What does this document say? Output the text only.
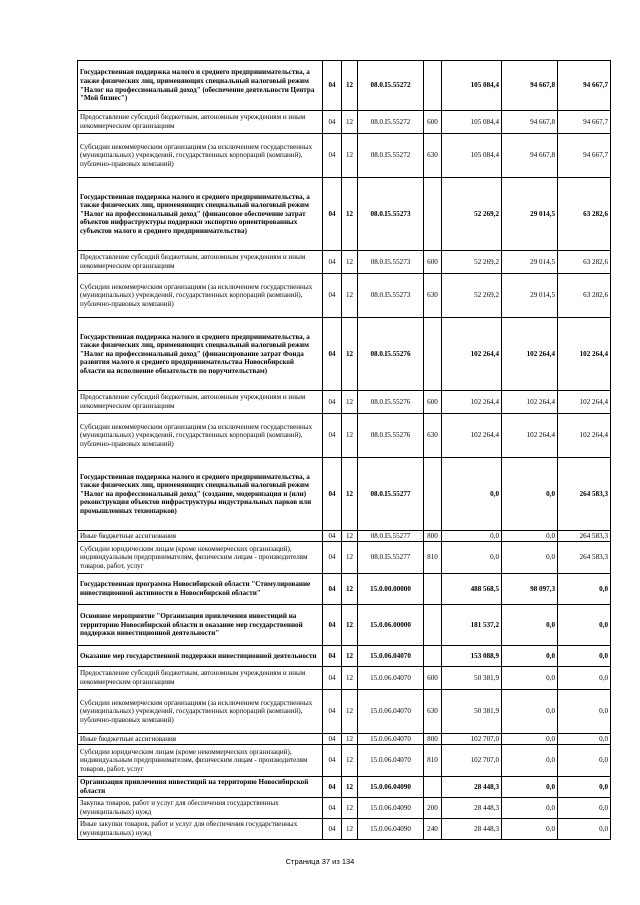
Государственная поддержка малого и среднего предпринимательства, а также физических лиц, применяющих специальный налоговый режим "Налог на профессиональный доход" (обеспечение деятельности Центра "Мой бизнес")	04	12	08.0.I5.55272		105 084,4	94 667,8	94 667,7
Предоставление субсидий бюджетным, автономным учреждениям и иным некоммерческим организациям	04	12	08.0.I5.55272	600	105 084,4	94 667,8	94 667,7
Субсидии некоммерческим организациям (за исключением государственных (муниципальных) учреждений, государственных корпораций (компаний), публично-правовых компаний)	04	12	08.0.I5.55272	630	105 084,4	94 667,8	94 667,7
Государственная поддержка малого и среднего предпринимательства, а также физических лиц, применяющих специальный налоговый режим "Налог на профессиональный доход" (финансовое обеспечение затрат объектов инфраструктуры поддержки экспортно ориентированных субъектов малого и среднего предпринимательства)	04	12	08.0.I5.55273		52 269,2	29 014,5	63 282,6
Предоставление субсидий бюджетным, автономным учреждениям и иным некоммерческим организациям	04	12	08.0.I5.55273	600	52 269,2	29 014,5	63 282,6
Субсидии некоммерческим организациям (за исключением государственных (муниципальных) учреждений, государственных корпораций (компаний), публично-правовых компаний)	04	12	08.0.I5.55273	630	52 269,2	29 014,5	63 282,6
Государственная поддержка малого и среднего предпринимательства, а также физических лиц, применяющих специальный налоговый режим "Налог на профессиональный доход" (финансирование затрат Фонда развития малого и среднего предпринимательства Новосибирской области на исполнение обязательств по поручительствам)	04	12	08.0.I5.55276		102 264,4	102 264,4	102 264,4
Предоставление субсидий бюджетным, автономным учреждениям и иным некоммерческим организациям	04	12	08.0.I5.55276	600	102 264,4	102 264,4	102 264,4
Субсидии некоммерческим организациям (за исключением государственных (муниципальных) учреждений, государственных корпораций (компаний), публично-правовых компаний)	04	12	08.0.I5.55276	630	102 264,4	102 264,4	102 264,4
Государственная поддержка малого и среднего предпринимательства, а также физических лиц, применяющих специальный налоговый режим "Налог на профессиональный доход" (создание, модернизация и (или) реконструкция объектов инфраструктуры индустриальных парков или промышленных технопарков)	04	12	08.0.I5.55277		0,0	0,0	264 583,3
Иные бюджетные ассигнования	04	12	08.0.I5.55277	800	0,0	0,0	264 583,3
Субсидии юридическим лицам (кроме некоммерческих организаций), индивидуальным предпринимателям, физическим лицам - производителям товаров, работ, услуг	04	12	08.0.I5.55277	810	0,0	0,0	264 583,3
Государственная программа Новосибирской области "Стимулирование инвестиционной активности в Новосибирской области"	04	12	15.0.00.00000		488 568,5	98 097,3	0,0
Основное мероприятие "Организация привлечения инвестиций на территорию Новосибирской области и оказание мер государственной поддержки инвестиционной деятельности"	04	12	15.0.06.00000		181 537,2	0,0	0,0
Оказание мер государственной поддержки инвестиционной деятельности	04	12	15.0.06.04070		153 088,9	0,0	0,0
Предоставление субсидий бюджетным, автономным учреждениям и иным некоммерческим организациям	04	12	15.0.06.04070	600	50 381,9	0,0	0,0
Субсидии некоммерческим организациям (за исключением государственных (муниципальных) учреждений, государственных корпораций (компаний), публично-правовых компаний)	04	12	15.0.06.04070	630	50 381,9	0,0	0,0
Иные бюджетные ассигнования	04	12	15.0.06.04070	800	102 707,0	0,0	0,0
Субсидии юридическим лицам (кроме некоммерческих организаций), индивидуальным предпринимателям, физическим лицам - производителям товаров, работ, услуг	04	12	15.0.06.04070	810	102 707,0	0,0	0,0
Организация привлечения инвестиций на территорию Новосибирской области	04	12	15.0.06.04090		28 448,3	0,0	0,0
Закупка товаров, работ и услуг для обеспечения государственных (муниципальных) нужд	04	12	15.0.06.04090	200	28 448,3	0,0	0,0
Иные закупки товаров, работ и услуг для обеспечения государственных (муниципальных) нужд	04	12	15.0.06.04090	240	28 448,3	0,0	0,0
Страница 37 из 134
